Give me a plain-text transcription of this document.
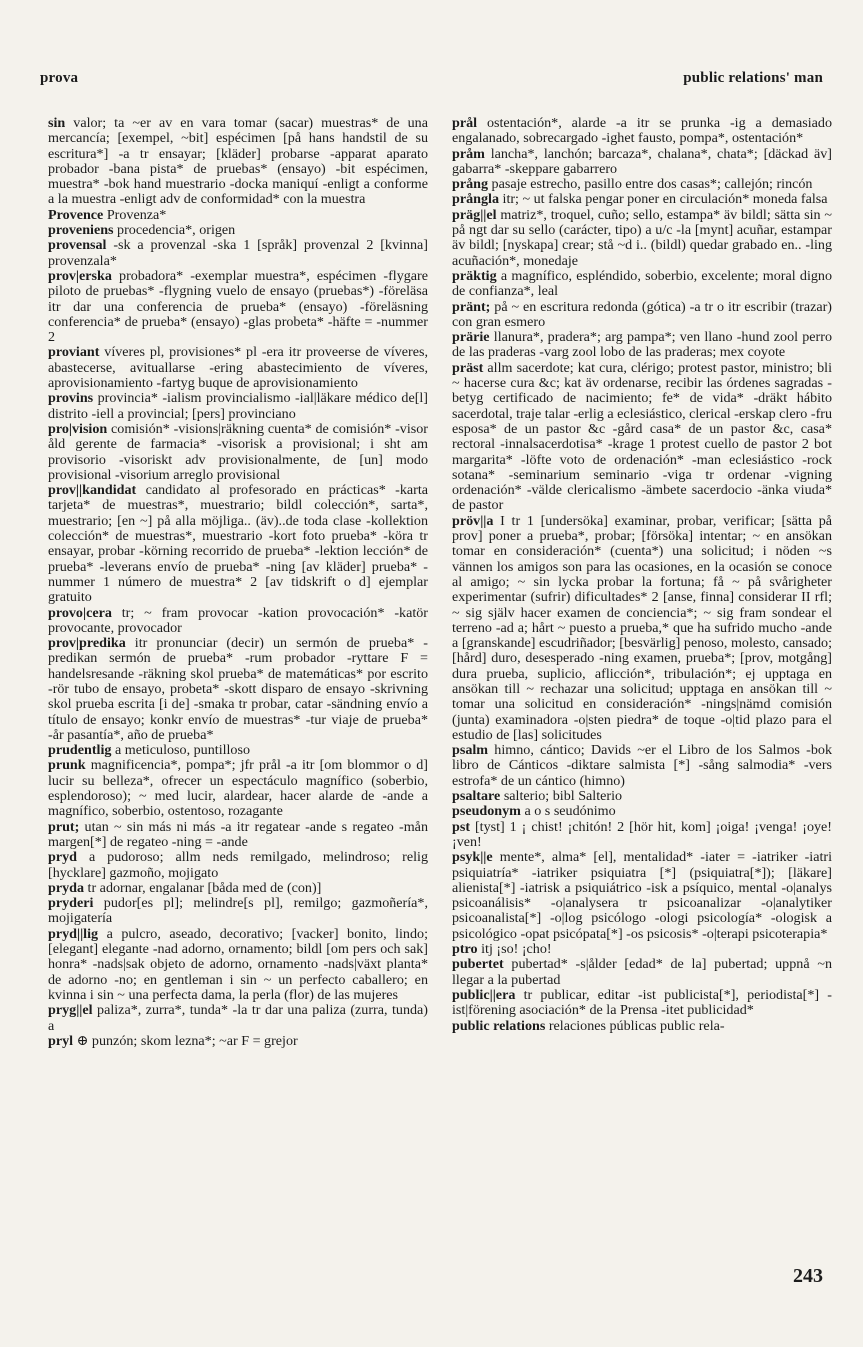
prova	public relations' man

sin valor; ta ~er av en vara tomar (sacar) muestras* de una mercancía; [exempel, ~bit] espécimen [på hans handstil de su escritura*] -a tr ensayar; [kläder] probarse -apparat aparato probador -bana pista* de pruebas* (ensayo) -bit espécimen, muestra* -bok hand muestrario -docka maniquí -enligt a conforme a la muestra -enligt adv de conformidad* con la muestra

Provence Provenza*

proveniens procedencia*, origen

provensal -sk a provenzal -ska 1 [språk] provenzal 2 [kvinna] provenzala*

prov|erska probadora* -exemplar muestra*, espécimen -flygare piloto de pruebas* -flygning vuelo de ensayo (pruebas*) -föreläsa itr dar una conferencia de prueba* (ensayo) -föreläsning conferencia* de prueba* (ensayo) -glas probeta* -häfte = -nummer 2

proviant víveres pl, provisiones* pl -era itr proveerse de víveres, abastecerse, avituallarse -ering abastecimiento de víveres, aprovisionamiento -fartyg buque de aprovisionamiento

provins provincia* -ialism provincialismo -ial|läkare médico de[l] distrito -iell a provincial; [pers] provinciano

pro|vision comisión* -visions|räkning cuenta* de comisión* -visor åld gerente de farmacia* -visorisk a provisional; i sht am provisorio -visoriskt adv provisionalmente, de [un] modo provisional -visorium arreglo provisional

prov||kandidat candidato al profesorado en prácticas* -karta tarjeta* de muestras*, muestrario; bildl colección*, sarta*, muestrario; [en ~] på alla möjliga.. (äv)..de toda clase -kollektion colección* de muestras*, muestrario -kort foto prueba* -köra tr ensayar, probar -körning recorrido de prueba* -lektion lección* de prueba* -leverans envío de prueba* -ning [av kläder] prueba* -nummer 1 número de muestra* 2 [av tidskrift o d] ejemplar gratuito

provo|cera tr; ~ fram provocar -kation provocación* -katör provocante, provocador

prov|predika itr pronunciar (decir) un sermón de prueba* -predikan sermón de prueba* -rum probador -ryttare F = handelsresande -räkning skol prueba* de matemáticas* por escrito -rör tubo de ensayo, probeta* -skott disparo de ensayo -skrivning skol prueba escrita [i de] -smaka tr probar, catar -sändning envío a título de ensayo; konkr envío de muestras* -tur viaje de prueba* -år pasantía*, año de prueba*

prudentlig a meticuloso, puntilloso

prunk magnificencia*, pompa*; jfr prål -a itr [om blommor o d] lucir su belleza*, ofrecer un espectáculo magnífico (soberbio, esplendoroso); ~ med lucir, alardear, hacer alarde de -ande a magnífico, soberbio, ostentoso, rozagante

prut; utan ~ sin más ni más -a itr regatear -ande s regateo -mån margen[*] de regateo -ning = -ande

pryd a pudoroso; allm neds remilgado, melindroso; relig [hycklare] gazmoño, mojigato

pryda tr adornar, engalanar [båda med de (con)]

pryderi pudor[es pl]; melindre[s pl], remilgo; gazmoñería*, mojigatería

pryd||lig a pulcro, aseado, decorativo; [vacker] bonito, lindo; [elegant] elegante -nad adorno, ornamento; bildl [om pers och sak] honra* -nads|sak objeto de adorno, ornamento -nads|växt planta* de adorno -no; en gentleman i sin ~ un perfecto caballero; en kvinna i sin ~ una perfecta dama, la perla (flor) de las mujeres

pryg||el paliza*, zurra*, tunda* -la tr dar una paliza (zurra, tunda) a

pryl ⊕ punzón; skom lezna*; ~ar F = grejor

prål ostentación*, alarde -a itr se prunka -ig a demasiado engalanado, sobrecargado -ighet fausto, pompa*, ostentación*

pråm lancha*, lanchón; barcaza*, chalana*, chata*; [däckad äv] gabarra* -skeppare gabarrero

prång pasaje estrecho, pasillo entre dos casas*; callejón; rincón

prångla itr; ~ ut falska pengar poner en circulación* moneda falsa

präg||el matriz*, troquel, cuño; sello, estampa* äv bildl; sätta sin ~ på ngt dar su sello (carácter, tipo) a u/c -la [mynt] acuñar, estampar äv bildl; [nyskapa] crear; stå ~d i.. (bildl) quedar grabado en.. -ling acuñación*, monedaje

präktig a magnífico, espléndido, soberbio, excelente; moral digno de confianza*, leal

pränt; på ~ en escritura redonda (gótica) -a tr o itr escribir (trazar) con gran esmero

prärie llanura*, pradera*; arg pampa*; ven llano -hund zool perro de las praderas -varg zool lobo de las praderas; mex coyote

präst allm sacerdote; kat cura, clérigo; protest pastor, ministro; bli ~ hacerse cura &c; kat äv ordenarse, recibir las órdenes sagradas -betyg certificado de nacimiento; fe* de vida* -dräkt hábito sacerdotal, traje talar -erlig a eclesiástico, clerical -erskap clero -fru esposa* de un pastor &c -gård casa* de un pastor &c, casa* rectoral -innalsacerdotisa* -krage 1 protest cuello de pastor 2 bot margarita* -löfte voto de ordenación* -man eclesiástico -rock sotana* -seminarium seminario -viga tr ordenar -vigning ordenación* -välde clericalismo -ämbete sacerdocio -änka viuda* de pastor

pröv||a I tr 1 [undersöka] examinar, probar, verificar; [sätta på prov] poner a prueba*, probar; [försöka] intentar; ~ en ansökan tomar en consideración* (cuenta*) una solicitud; i nöden ~s vännen los amigos son para las ocasiones, en la ocasión se conoce al amigo; ~ sin lycka probar la fortuna; få ~ på svårigheter experimentar (sufrir) dificultades* 2 [anse, finna] considerar II rfl; ~ sig själv hacer examen de conciencia*; ~ sig fram sondear el terreno -ad a; hårt ~ puesto a prueba,* que ha sufrido mucho -ande a [granskande] escudriñador; [besvärlig] penoso, molesto, cansado; [hård] duro, desesperado -ning examen, prueba*; [prov, motgång] dura prueba, suplicio, aflicción*, tribulación*; ej upptaga en ansökan till ~ rechazar una solicitud; upptaga en ansökan till ~ tomar una solicitud en consideración* -nings|nämd comisión (junta) examinadora -o|sten piedra* de toque -o|tid plazo para el estudio de [las] solicitudes

psalm himno, cántico; Davids ~er el Libro de los Salmos -bok libro de Cánticos -diktare salmista [*] -sång salmodia* -vers estrofa* de un cántico (himno)

psaltare salterio; bibl Salterio

pseudonym a o s seudónimo

pst [tyst] 1 ¡ chist! ¡chitón! 2 [hör hit, kom] ¡oiga! ¡venga! ¡oye! ¡ven!

psyk||e mente*, alma* [el], mentalidad* -iater = -iatriker -iatri psiquiatría* -iatriker psiquiatra [*] (psiquiatra[*]); [läkare] alienista[*] -iatrisk a psiquiátrico -isk a psíquico, mental -o|analys psicoanálisis* -o|analysera tr psicoanalizar -o|analytiker psicoanalista[*] -o|log psicólogo -ologi psicología* -ologisk a psicológico -opat psicópata[*] -os psicosis* -o|terapi psicoterapia*

ptro itj ¡so! ¡cho!

pubertet pubertad* -s|ålder [edad* de la] pubertad; uppnå ~n llegar a la pubertad

public||era tr publicar, editar -ist publicista[*], periodista[*] -ist|förening asociación* de la Prensa -itet publicidad*

public relations relaciones públicas public rela-

243
